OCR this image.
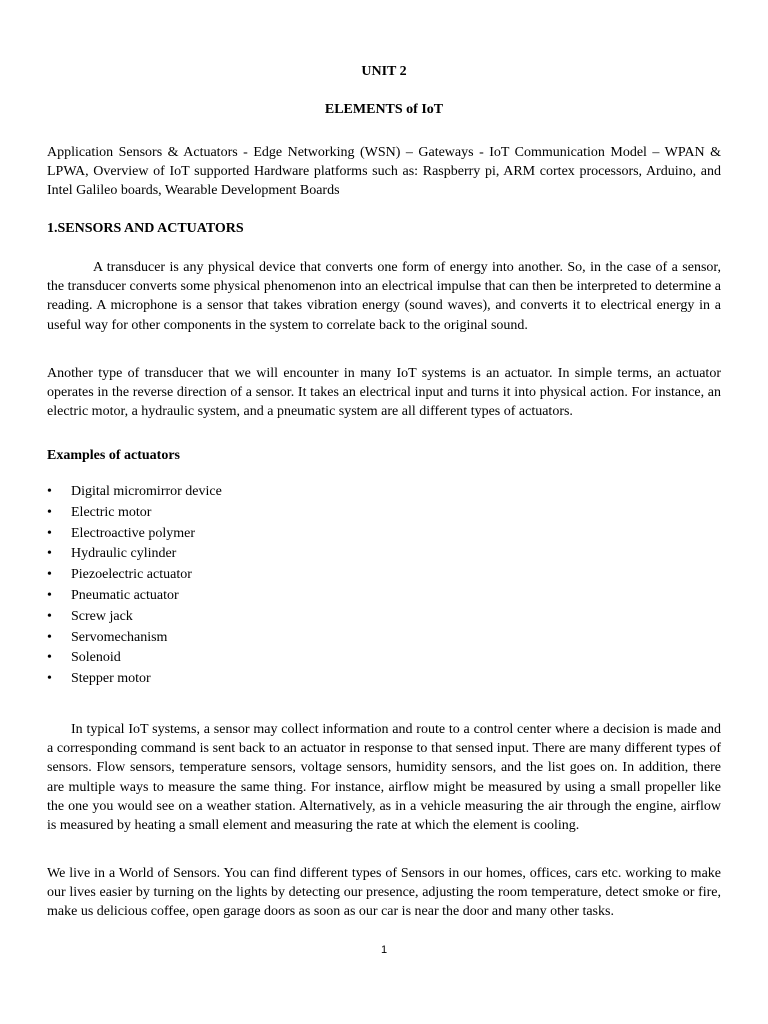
UNIT 2
ELEMENTS of IoT

Application Sensors & Actuators - Edge Networking (WSN) – Gateways - IoT Communication Model – WPAN & LPWA, Overview of IoT supported Hardware platforms such as: Raspberry pi, ARM cortex processors, Arduino, and Intel Galileo boards, Wearable Development Boards

1.SENSORS AND ACTUATORS

A transducer is any physical device that converts one form of energy into another. So, in the case of a sensor, the transducer converts some physical phenomenon into an electrical impulse that can then be interpreted to determine a reading. A microphone is a sensor that takes vibration energy (sound waves), and converts it to electrical energy in a useful way for other components in the system to correlate back to the original sound.

Another type of transducer that we will encounter in many IoT systems is an actuator. In simple terms, an actuator operates in the reverse direction of a sensor. It takes an electrical input and turns it into physical action. For instance, an electric motor, a hydraulic system, and a pneumatic system are all different types of actuators.

Examples of actuators
• Digital micromirror device
• Electric motor
• Electroactive polymer
• Hydraulic cylinder
• Piezoelectric actuator
• Pneumatic actuator
• Screw jack
• Servomechanism
• Solenoid
• Stepper motor

In typical IoT systems, a sensor may collect information and route to a control center where a decision is made and a corresponding command is sent back to an actuator in response to that sensed input. There are many different types of sensors. Flow sensors, temperature sensors, voltage sensors, humidity sensors, and the list goes on. In addition, there are multiple ways to measure the same thing. For instance, airflow might be measured by using a small propeller like the one you would see on a weather station. Alternatively, as in a vehicle measuring the air through the engine, airflow is measured by heating a small element and measuring the rate at which the element is cooling.

We live in a World of Sensors. You can find different types of Sensors in our homes, offices, cars etc. working to make our lives easier by turning on the lights by detecting our presence, adjusting the room temperature, detect smoke or fire, make us delicious coffee, open garage doors as soon as our car is near the door and many other tasks.

1
